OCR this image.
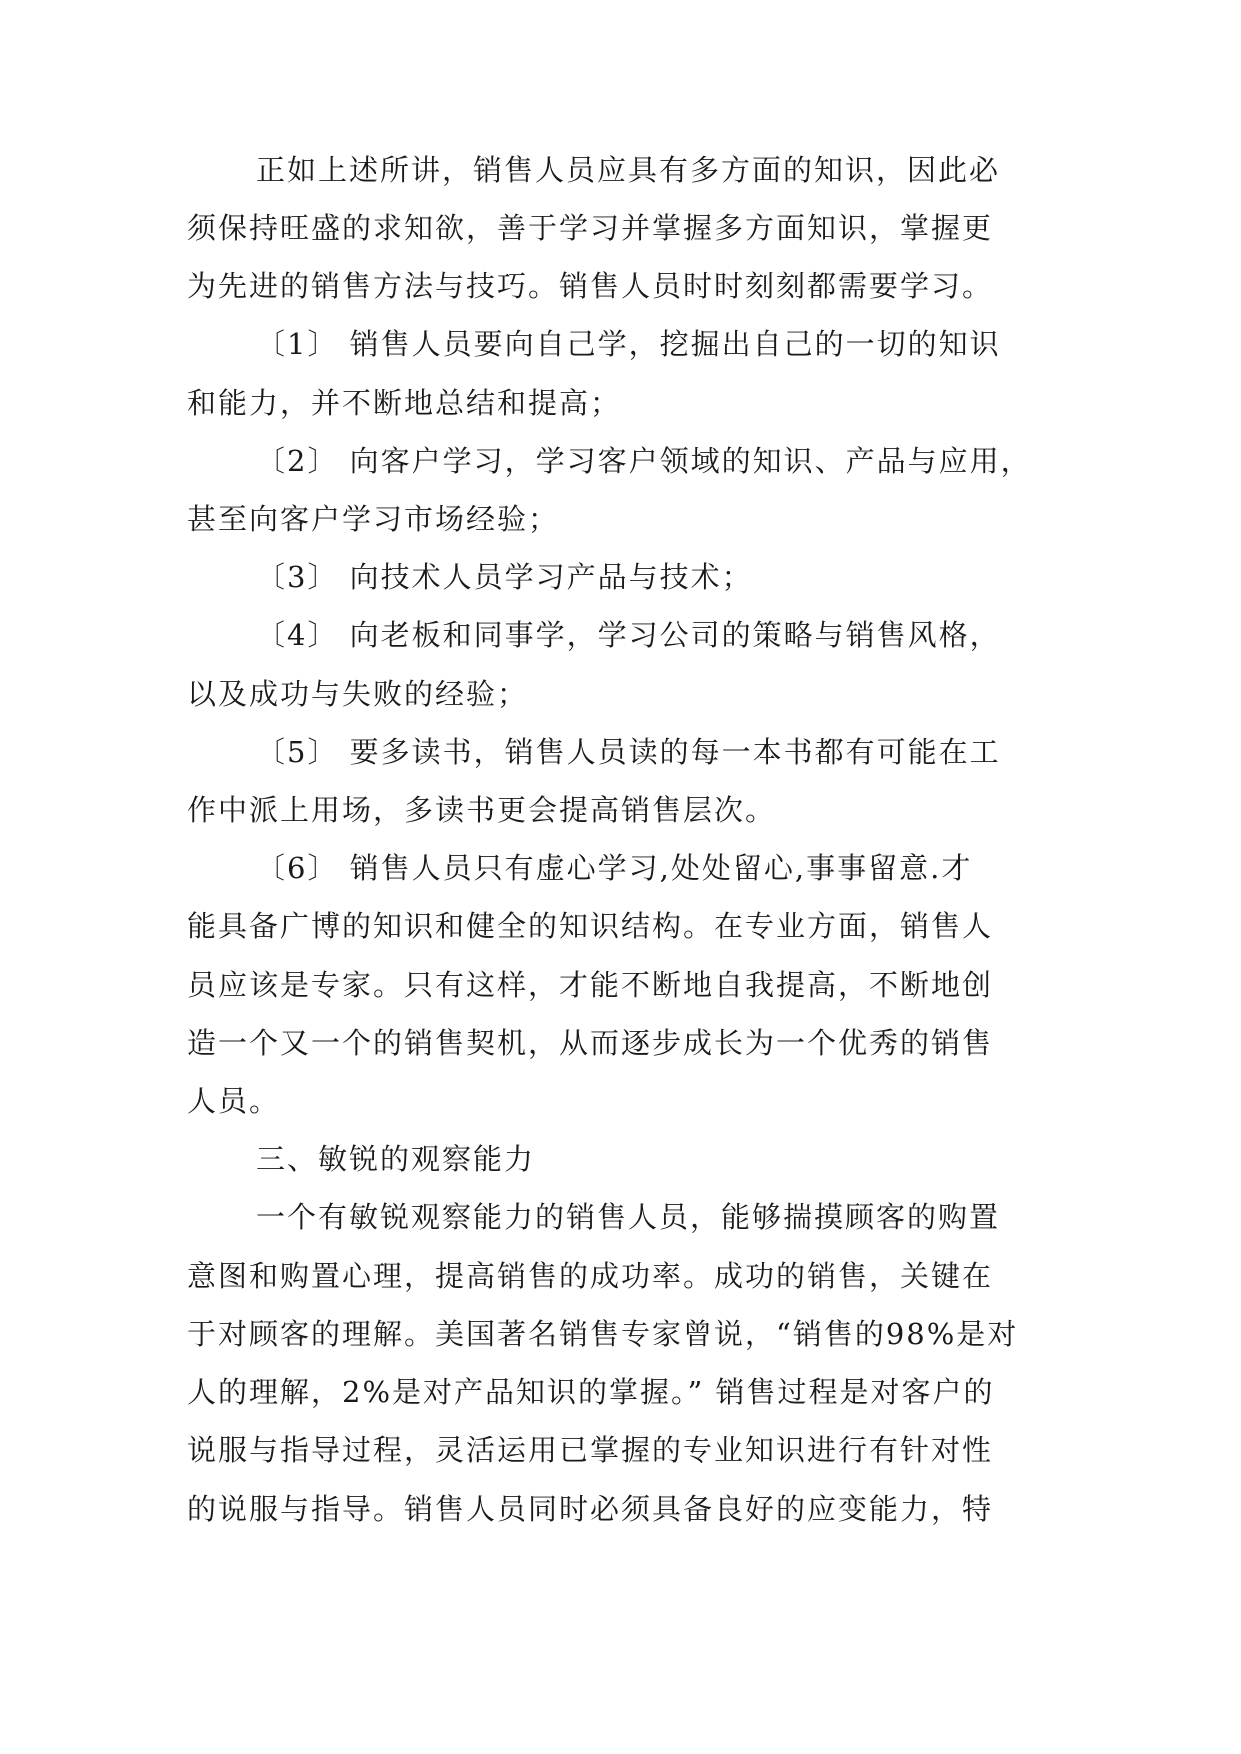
正如上述所讲，销售人员应具有多方面的知识，因此必
须保持旺盛的求知欲，善于学习并掌握多方面知识，掌握更
为先进的销售方法与技巧。销售人员时时刻刻都需要学习。
〔1〕 销售人员要向自己学，挖掘出自己的一切的知识
和能力，并不断地总结和提高；
〔2〕 向客户学习，学习客户领域的知识、产品与应用，
甚至向客户学习市场经验；
〔3〕 向技术人员学习产品与技术；
〔4〕 向老板和同事学，学习公司的策略与销售风格，
以及成功与失败的经验；
〔5〕 要多读书，销售人员读的每一本书都有可能在工
作中派上用场，多读书更会提高销售层次。
〔6〕 销售人员只有虚心学习,处处留心,事事留意.才
能具备广博的知识和健全的知识结构。在专业方面，销售人
员应该是专家。只有这样，才能不断地自我提高，不断地创
造一个又一个的销售契机，从而逐步成长为一个优秀的销售
人员。
三、敏锐的观察能力
一个有敏锐观察能力的销售人员，能够揣摸顾客的购置
意图和购置心理，提高销售的成功率。成功的销售，关键在
于对顾客的理解。美国著名销售专家曾说，“销售的98%是对
人的理解，2%是对产品知识的掌握。” 销售过程是对客户的
说服与指导过程，灵活运用已掌握的专业知识进行有针对性
的说服与指导。销售人员同时必须具备良好的应变能力，特
